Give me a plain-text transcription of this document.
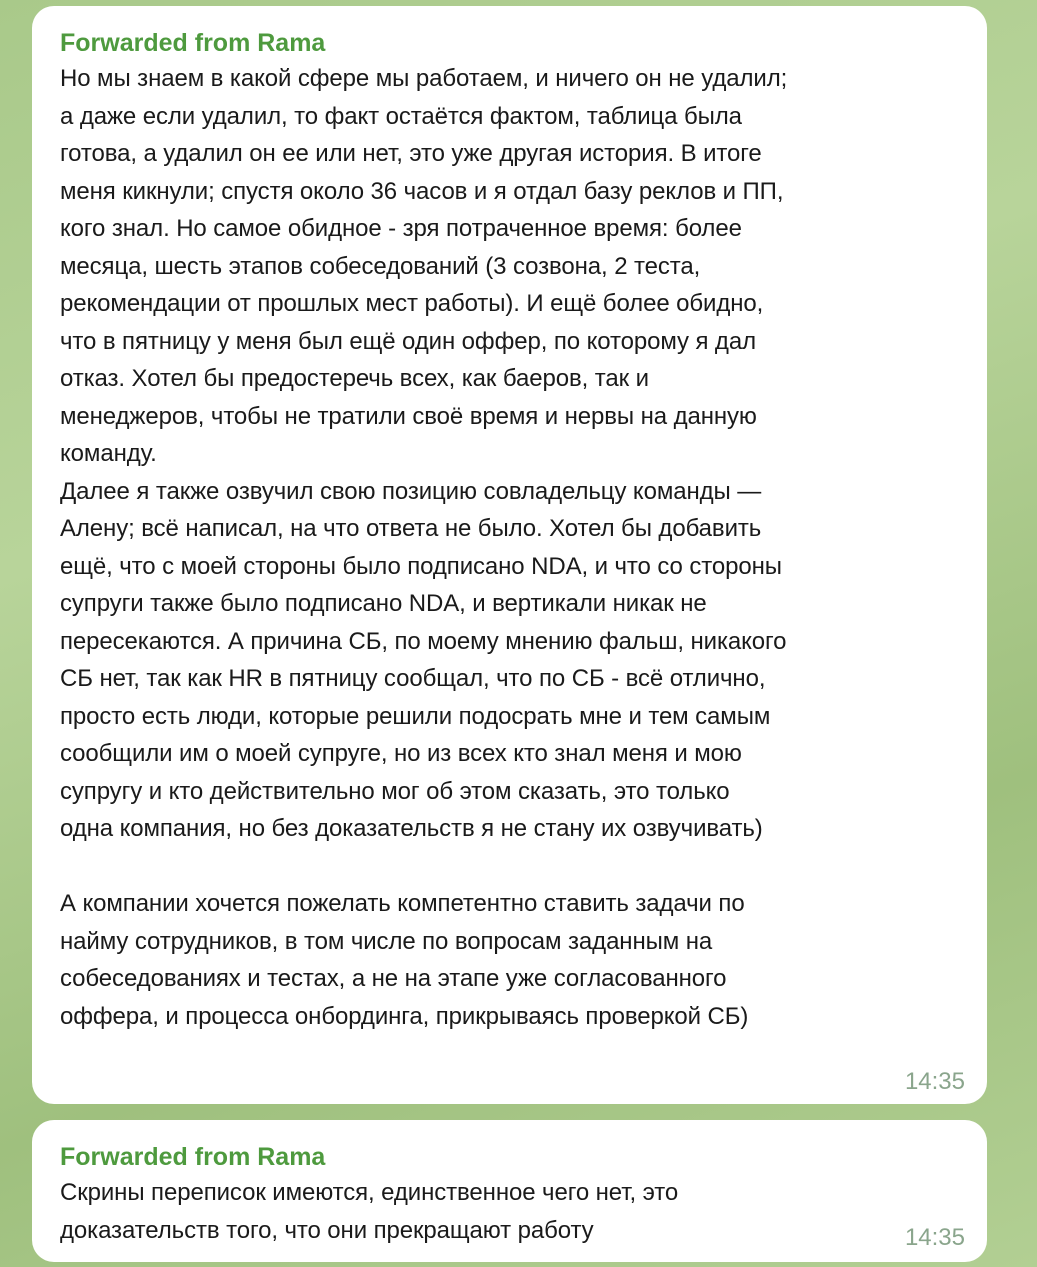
Forwarded from Rama
Но мы знаем в какой сфере мы работаем, и ничего он не удалил;
а даже если удалил, то факт остаётся фактом, таблица была
готова, а удалил он ее или нет, это уже другая история. В итоге
меня кикнули; спустя около 36 часов и я отдал базу реклов и ПП,
кого знал. Но самое обидное - зря потраченное время: более
месяца, шесть этапов собеседований (3 созвона, 2 теста,
рекомендации от прошлых мест работы). И ещё более обидно,
что в пятницу у меня был ещё один оффер, по которому я дал
отказ. Хотел бы предостеречь всех, как баеров, так и
менеджеров, чтобы не тратили своё время и нервы на данную
команду.
Далее я также озвучил свою позицию совладельцу команды —
Алену; всё написал, на что ответа не было. Хотел бы добавить
ещё, что с моей стороны было подписано NDA, и что со стороны
супруги также было подписано NDA, и вертикали никак не
пересекаются. А причина СБ, по моему мнению фальш, никакого
СБ нет, так как HR в пятницу сообщал, что по СБ - всё отлично,
просто есть люди, которые решили подосрать мне и тем самым
сообщили им о моей супруге, но из всех кто знал меня и мою
супругу и кто действительно мог об этом сказать, это только
одна компания, но без доказательств я не стану их озвучивать)
А компании хочется пожелать компетентно ставить задачи по
найму сотрудников, в том числе по вопросам заданным на
собеседованиях и тестах, а не на этапе уже согласованного
оффера, и процесса онбординга, прикрываясь проверкой СБ)
14:35
Forwarded from Rama
Скрины переписок имеются, единственное чего нет, это
доказательств того, что они прекращают работу	14:35
